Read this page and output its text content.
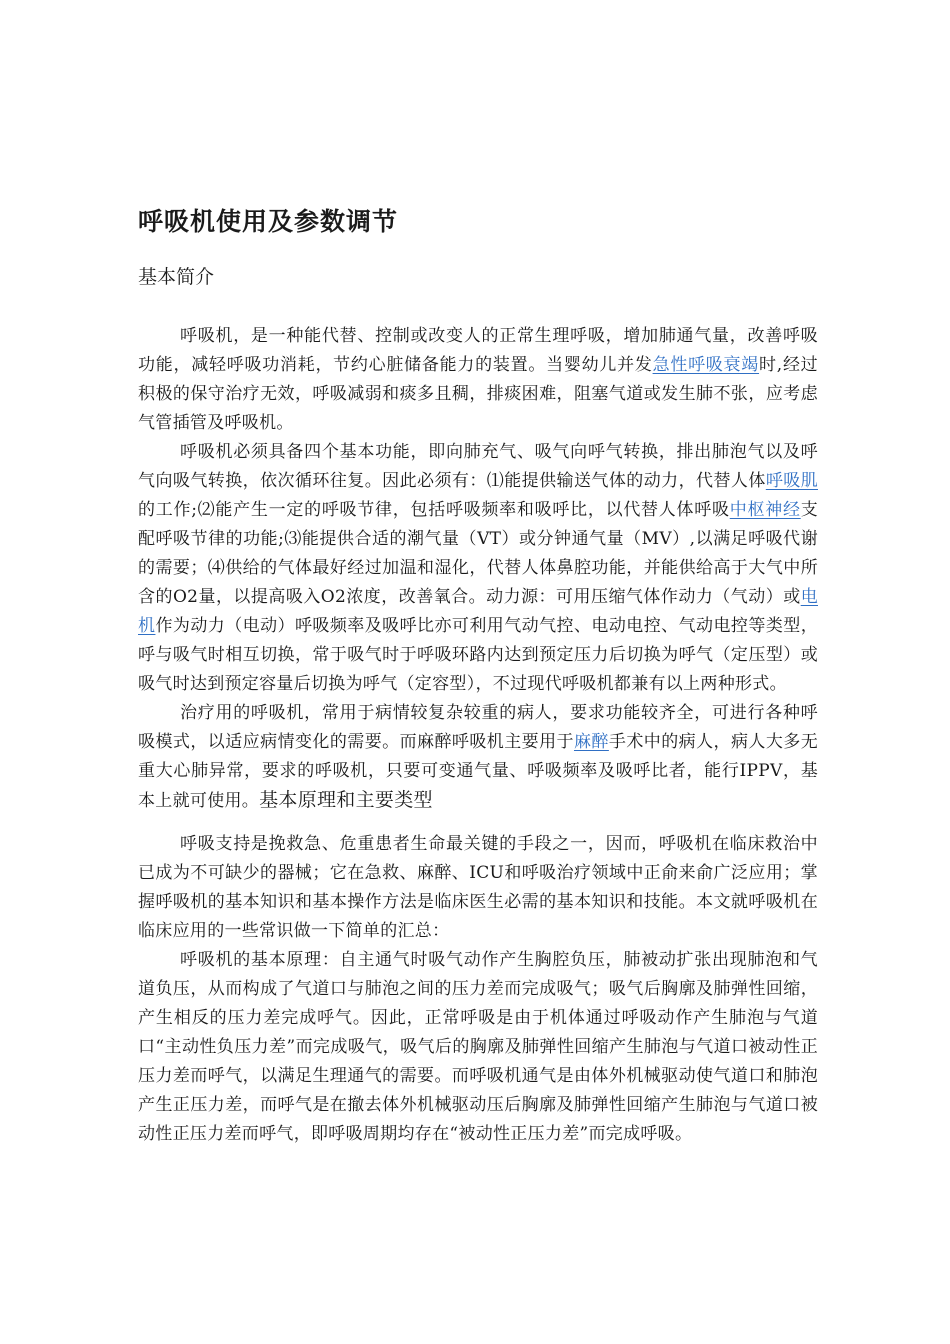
呼吸机使用及参数调节
基本简介

呼吸机，是一种能代替、控制或改变人的正常生理呼吸，增加肺通气量，改善呼吸功能，减轻呼吸功消耗，节约心脏储备能力的装置。当婴幼儿并发急性呼吸衰竭时,经过积极的保守治疗无效，呼吸减弱和痰多且稠，排痰困难，阻塞气道或发生肺不张，应考虑气管插管及呼吸机。

呼吸机必须具备四个基本功能，即向肺充气、吸气向呼气转换，排出肺泡气以及呼气向吸气转换，依次循环往复。因此必须有：⑴能提供输送气体的动力，代替人体呼吸肌的工作;⑵能产生一定的呼吸节律，包括呼吸频率和吸呼比，以代替人体呼吸中枢神经支配呼吸节律的功能;⑶能提供合适的潮气量（VT）或分钟通气量（MV）,以满足呼吸代谢的需要；⑷供给的气体最好经过加温和湿化，代替人体鼻腔功能，并能供给高于大气中所含的O2量，以提高吸入O2浓度，改善氧合。动力源：可用压缩气体作动力（气动）或电机作为动力（电动）呼吸频率及吸呼比亦可利用气动气控、电动电控、气动电控等类型，呼与吸气时相互切换，常于吸气时于呼吸环路内达到预定压力后切换为呼气（定压型）或吸气时达到预定容量后切换为呼气（定容型），不过现代呼吸机都兼有以上两种形式。

治疗用的呼吸机，常用于病情较复杂较重的病人，要求功能较齐全，可进行各种呼吸模式，以适应病情变化的需要。而麻醉呼吸机主要用于麻醉手术中的病人，病人大多无重大心肺异常，要求的呼吸机，只要可变通气量、呼吸频率及吸呼比者，能行IPPV，基本上就可使用。基本原理和主要类型

呼吸支持是挽救急、危重患者生命最关键的手段之一，因而，呼吸机在临床救治中已成为不可缺少的器械；它在急救、麻醉、ICU和呼吸治疗领域中正俞来俞广泛应用；掌握呼吸机的基本知识和基本操作方法是临床医生必需的基本知识和技能。本文就呼吸机在临床应用的一些常识做一下简单的汇总：

呼吸机的基本原理：自主通气时吸气动作产生胸腔负压，肺被动扩张出现肺泡和气道负压，从而构成了气道口与肺泡之间的压力差而完成吸气；吸气后胸廓及肺弹性回缩，产生相反的压力差完成呼气。因此，正常呼吸是由于机体通过呼吸动作产生肺泡与气道口“主动性负压力差”而完成吸气，吸气后的胸廓及肺弹性回缩产生肺泡与气道口被动性正压力差而呼气，以满足生理通气的需要。而呼吸机通气是由体外机械驱动使气道口和肺泡产生正压力差，而呼气是在撤去体外机械驱动压后胸廓及肺弹性回缩产生肺泡与气道口被动性正压力差而呼气，即呼吸周期均存在“被动性正压力差”而完成呼吸。
